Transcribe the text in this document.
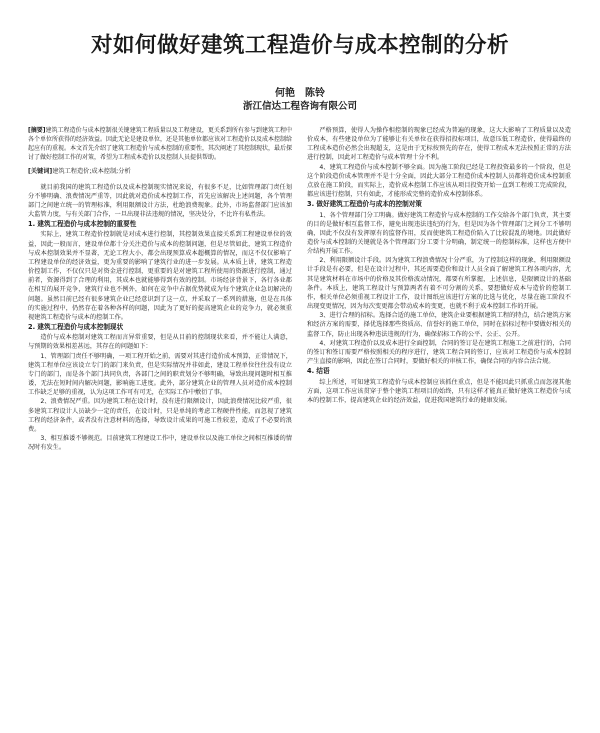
对如何做好建筑工程造价与成本控制的分析
何艳　陈铃
浙江信达工程咨询有限公司
[摘要]建筑工程造价与成本控制很关键建筑工程质量以及工程建设，更关系到所有参与到建筑工程中各个单位所获得的经济效益。因此无论是建设单位，还是其他单位都应该对工程造价以及成本控制给起应有的重视。本文首先介绍了建筑工程造价与成本控制的重要性，其次阐述了其控制现状，最后探讨了做好控制工作的对策，希望为工程成本造价以及控制人员提供帮助。
[关键词]建筑工程造价;成本控制;分析

就目前我国的建筑工程造价以及成本控制现实情况来说，有很多不足，比如管理部门责任划分不够明确、浪费情况严重等，因此就对造价成本控制工作，首先应该解决上述问题，各个管理部门之间建立统一的管理标准，利用限额设计方法，杜绝浪费现象。此外，市场监督部门应该加大监管力度，与有关部门合作，一旦出现非法违规的情况，坚决处分，不比许有私性法。

1. 建筑工程造价与成本控制的重要性

实际上，建筑工程造价控制就是对成本进行控制，其控制效果直接关系到工程建设单位的效益，因此一般而言，建设单位都十分关注造价与成本的控制问题，但是尽管如此，建筑工程造价与成本控制效果并不显著，无论工程大小，都会出现预算成本超概算的情况，而这不仅仅影响了工程建设单位的经济效益，更为重要的影响了建筑行业的进一步发展。从本质上讲，建筑工程造价控制工作，不仅仅只是对资金进行控制，更重要的是对建筑工程所使用的资源进行控制，通过前者，资源得到了合理的利用，其成本也就能够得到有效的控制。市场经济背景下，各行各业都在相互的展开竞争，建筑行业也不例外，如何在竞争中占据优势就成为每个建筑企业急切解决的问题。虽然目前已经有很多建筑企业已经意识到了这一点，并采取了一系列的措施，但是在具体的实施过程中，仍然存在着各种各样的问题，因此为了更好的提高建筑企业的竞争力，就必须重视建筑工程造价与成本的控制工作。

2. 建筑工程造价与成本控制现状

造价与成本控制对建筑工程而言异常重要，但是从目前的控制现状来看，并不能让人满意，与预期的效果相差甚远，其存在的问题如下：

1、管理部门责任不够明确，一项工程开始之前，需要对其进行造价成本预算，正常情况下，建筑工程单位应该设立专门的部门来负责，但是实际情况并非如此，建设工程单位往往没有设立专门的部门，而是各个部门共同负责，各部门之间的职责划分不够明确，导致出现问题时相互推诿，无法在短时间内解决问题，影响施工进度。此外，部分建筑企业的管理人员对造价成本控制工作缺乏足够的重视，认为这项工作可有可无，在实际工作中敷衍了事。

2、浪费情况严重。因为建筑工程在设计时，没有进行限额设计，因此浪费情况比较严重，很多建筑工程设计人员缺少一定的责任，在设计时，只是单纯的考虑工程硬件性能，而忽视了建筑工程的经济条件，或者没有注意材料的选择，导致设计成果的可施工性较差，造成了不必要的浪费。

3、相互推诿不够规范。目前建筑工程建设工作中，建设单位以及施工单位之间相互推诿的情况时有发生。

严格预算，使得人为操作相控制的现象已经成为普遍的现象，这大大影响了工程质量以及造价成本，有些建设单位为了能够让有关单位在获得招投标项目，故意压低工程造价，使得最终的工程成本造价必然会出现超支，这是由于无标按预先的存在，使得工程成本无法按照正常的方法进行控制，因此对工程造价与成本管理十分不利。

4、建筑工程造价与成本控制不够全面。因为施工阶段已经是工程投资最多的一个阶段，但是这个阶段造价成本管理并不是十分全面，因此大部分工程造价成本控制人员都将造价成本控制重点放在施工阶段，而实际上，造价成本控制工作应该从项目投资开始一直到工程竣工完成阶段，都应该进行控制，只有如此，才能形成完整的造价成本控制体系。

3. 做好建筑工程造价与成本的控制对策

1、各个管理部门分工明确。做好建筑工程造价与成本控制的工作交给各个部门负责，其主要的目的是做好相互监督工作，避免出现违法违纪的行为，但是因为各个管理部门之间分工不够明确，因此不仅没有发挥原有的监督作用，反而使建筑工程造价陷入了比较混乱的境地。因此做好造价与成本控制的关键就是各个管理部门分工要十分明确，制定统一的控制标准，这样也方便中介结构开展工作。

2、利用限额设计手段。因为建筑工程浪费情况十分严重，为了控制这样的现象，利用限额设计手段是有必要，但是在设计过程中，其还需要造价和设计人员全面了解建筑工程各项内容，尤其是建筑材料在市场中的价格及其价格波动情况，都要有所掌握，上述信息，是限额设计的基础条件。本质上，建筑工程设计与预算两者有着不可分割的关系，要想做好成本与造价的控制工作，相关单位必须重视工程设计工作，设计图纸应该进行方案的比选与优化，尽量在施工阶段不出现变更情况，因为每次变更都会带动成本的变更，也就不利于成本控制工作的开展。

3、进行合理的招标。选择合适的施工单位，建筑企业要根据建筑工程的特点，结合建筑方案和经济方案的需要，择优选择那些资质高、信誉好的施工单位，同时在招标过程中要做好相关的监督工作，防止出现各种违法违规的行为，确保招标工作的公平、公正、公开。

4、对建筑工程造价以及成本进行全面控制，合同的签订是在建筑工程施工之前进行的，合同的签订和签订需要严格按照相关的程序进行，建筑工程合同的签订，应该对工程造价与成本控制产生直接的影响，因此在签订合同时，要做好相关的审核工作，确保合同的内容合法合规。

4. 结语

综上所述，可知建筑工程造价与成本控制应该抓住重点，但是不能因此只抓重点而忽视其他方面，这项工作应该贯穿于整个建筑工程项目的始终，只有这样才能真正做好建筑工程造价与成本的控制工作，提高建筑企业的经济效益，促进我国建筑行业的健康发展。
